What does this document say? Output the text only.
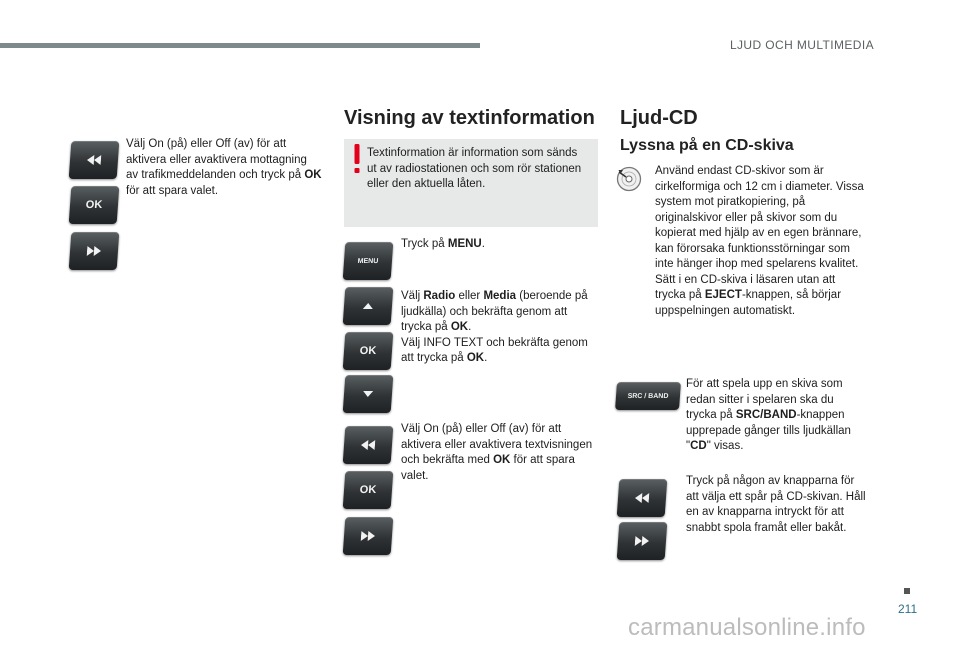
LJUD OCH MULTIMEDIA
OK

Välj On (på) eller Off (av) för att aktivera eller avaktivera mottagning av trafikmeddelanden och tryck på OK för att spara valet.

Visning av textinformation

Textinformation är information som sänds ut av radiostationen och som rör stationen eller den aktuella låten.

MENU

Tryck på MENU.

OK

Välj Radio eller Media (beroende på ljudkälla) och bekräfta genom att trycka på OK.
Välj INFO TEXT och bekräfta genom att trycka på OK.

OK

Välj On (på) eller Off (av) för att aktivera eller avaktivera textvisningen och bekräfta med OK för att spara valet.

Ljud-CD
Lyssna på en CD-skiva

Använd endast CD-skivor som är cirkelformiga och 12 cm i diameter. Vissa system mot piratkopiering, på originalskivor eller på skivor som du kopierat med hjälp av en egen brännare, kan förorsaka funktionsstörningar som inte hänger ihop med spelarens kvalitet.
Sätt i en CD-skiva i läsaren utan att trycka på EJECT-knappen, så börjar uppspelningen automatiskt.

SRC / BAND

För att spela upp en skiva som redan sitter i spelaren ska du trycka på SRC/BAND-knappen upprepade gånger tills ljudkällan "CD" visas.

Tryck på någon av knapparna för att välja ett spår på CD-skivan. Håll en av knapparna intryckt för att snabbt spola framåt eller bakåt.

211
carmanualsonline.info
